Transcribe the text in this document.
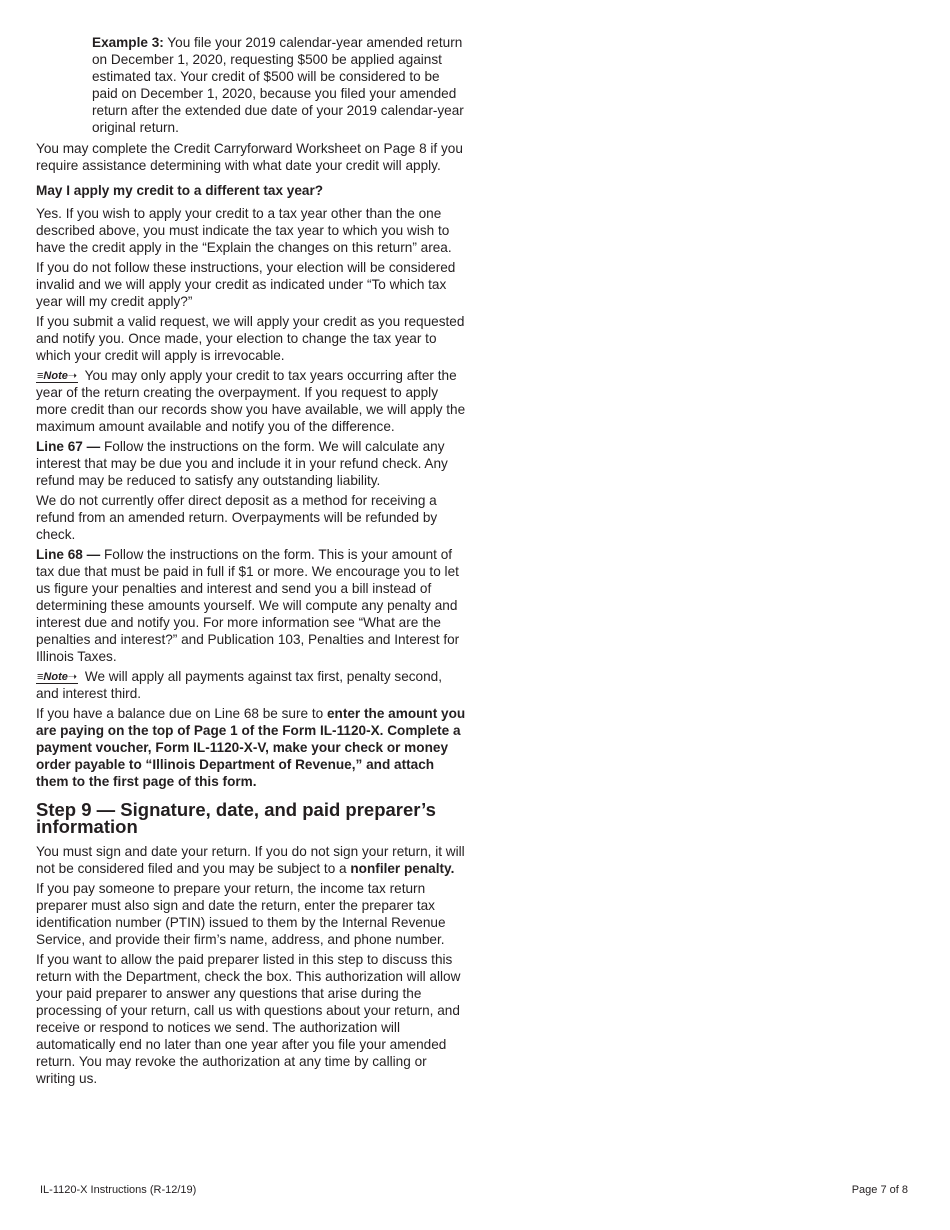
Example 3: You file your 2019 calendar-year amended return on December 1, 2020, requesting $500 be applied against estimated tax. Your credit of $500 will be considered to be paid on December 1, 2020, because you filed your amended return after the extended due date of your 2019 calendar-year original return.

You may complete the Credit Carryforward Worksheet on Page 8 if you require assistance determining with what date your credit will apply.

May I apply my credit to a different tax year?

Yes. If you wish to apply your credit to a tax year other than the one described above, you must indicate the tax year to which you wish to have the credit apply in the “Explain the changes on this return” area.

If you do not follow these instructions, your election will be considered invalid and we will apply your credit as indicated under “To which tax year will my credit apply?”

If you submit a valid request, we will apply your credit as you requested and notify you. Once made, your election to change the tax year to which your credit will apply is irrevocable.

≡Note➝ You may only apply your credit to tax years occurring after the year of the return creating the overpayment. If you request to apply more credit than our records show you have available, we will apply the maximum amount available and notify you of the difference.

Line 67 — Follow the instructions on the form. We will calculate any interest that may be due you and include it in your refund check. Any refund may be reduced to satisfy any outstanding liability.

We do not currently offer direct deposit as a method for receiving a refund from an amended return. Overpayments will be refunded by check.

Line 68 — Follow the instructions on the form. This is your amount of tax due that must be paid in full if $1 or more. We encourage you to let us figure your penalties and interest and send you a bill instead of determining these amounts yourself. We will compute any penalty and interest due and notify you. For more information see “What are the penalties and interest?” and Publication 103, Penalties and Interest for Illinois Taxes.

≡Note➝ We will apply all payments against tax first, penalty second, and interest third.

If you have a balance due on Line 68 be sure to enter the amount you are paying on the top of Page 1 of the Form IL-1120-X. Complete a payment voucher, Form IL-1120-X-V, make your check or money order payable to “Illinois Department of Revenue,” and attach them to the first page of this form.

Step 9 — Signature, date, and paid preparer’s information

You must sign and date your return. If you do not sign your return, it will not be considered filed and you may be subject to a nonfiler penalty.

If you pay someone to prepare your return, the income tax return preparer must also sign and date the return, enter the preparer tax identification number (PTIN) issued to them by the Internal Revenue Service, and provide their firm’s name, address, and phone number.

If you want to allow the paid preparer listed in this step to discuss this return with the Department, check the box. This authorization will allow your paid preparer to answer any questions that arise during the processing of your return, call us with questions about your return, and receive or respond to notices we send. The authorization will automatically end no later than one year after you file your amended return. You may revoke the authorization at any time by calling or writing us.

IL-1120-X Instructions (R-12/19)	Page 7 of 8
